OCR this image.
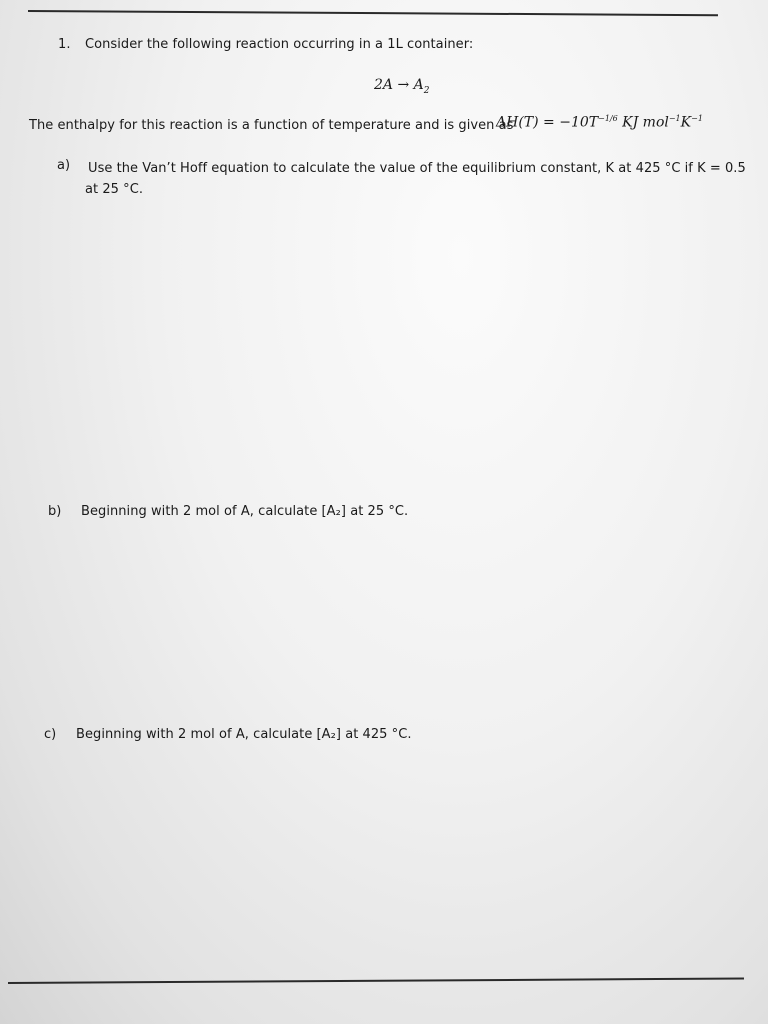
1. Consider the following reaction occurring in a 1L container:
$2A \to A_2$
The enthalpy for this reaction is a function of temperature and is given as
$\Delta H(T) = -10T^{-1/6}$ KJ $mol^{-1}K^{-1}$
a) Use the Van’t Hoff equation to calculate the value of the equilibrium constant, K at 425 °C if K = 0.5
at 25 °C.
b) Beginning with 2 mol of A, calculate [A₂] at 25 °C.
c) Beginning with 2 mol of A, calculate [A₂] at 425 °C.
